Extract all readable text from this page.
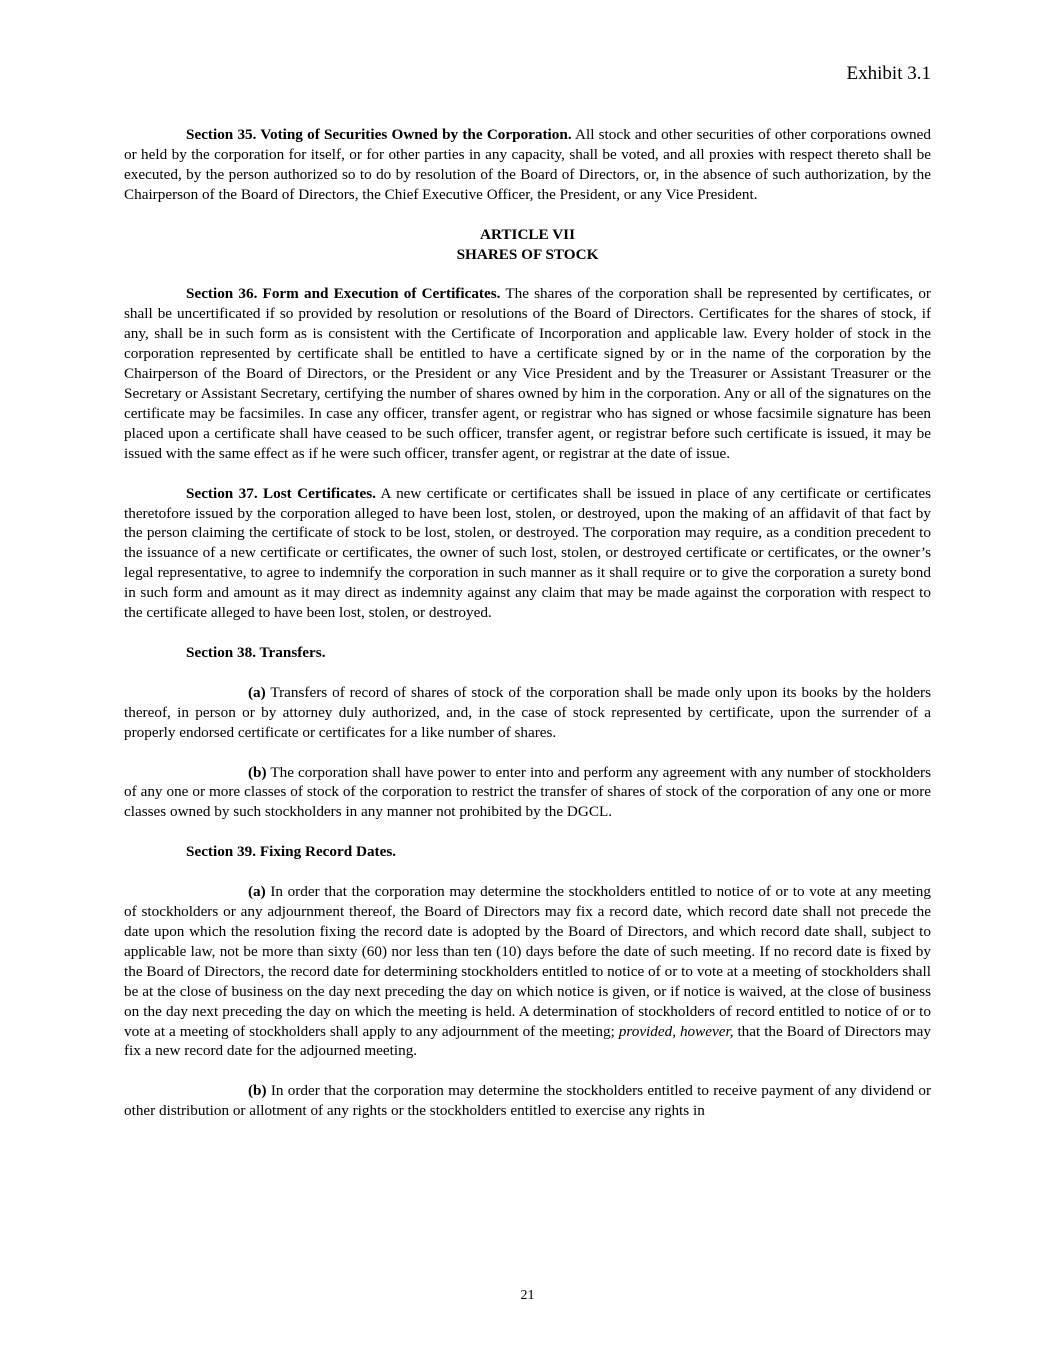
Exhibit 3.1

Section 35. Voting of Securities Owned by the Corporation. All stock and other securities of other corporations owned or held by the corporation for itself, or for other parties in any capacity, shall be voted, and all proxies with respect thereto shall be executed, by the person authorized so to do by resolution of the Board of Directors, or, in the absence of such authorization, by the Chairperson of the Board of Directors, the Chief Executive Officer, the President, or any Vice President.

ARTICLE VII
SHARES OF STOCK

Section 36. Form and Execution of Certificates. The shares of the corporation shall be represented by certificates, or shall be uncertificated if so provided by resolution or resolutions of the Board of Directors. Certificates for the shares of stock, if any, shall be in such form as is consistent with the Certificate of Incorporation and applicable law. Every holder of stock in the corporation represented by certificate shall be entitled to have a certificate signed by or in the name of the corporation by the Chairperson of the Board of Directors, or the President or any Vice President and by the Treasurer or Assistant Treasurer or the Secretary or Assistant Secretary, certifying the number of shares owned by him in the corporation. Any or all of the signatures on the certificate may be facsimiles. In case any officer, transfer agent, or registrar who has signed or whose facsimile signature has been placed upon a certificate shall have ceased to be such officer, transfer agent, or registrar before such certificate is issued, it may be issued with the same effect as if he were such officer, transfer agent, or registrar at the date of issue.

Section 37. Lost Certificates. A new certificate or certificates shall be issued in place of any certificate or certificates theretofore issued by the corporation alleged to have been lost, stolen, or destroyed, upon the making of an affidavit of that fact by the person claiming the certificate of stock to be lost, stolen, or destroyed. The corporation may require, as a condition precedent to the issuance of a new certificate or certificates, the owner of such lost, stolen, or destroyed certificate or certificates, or the owner’s legal representative, to agree to indemnify the corporation in such manner as it shall require or to give the corporation a surety bond in such form and amount as it may direct as indemnity against any claim that may be made against the corporation with respect to the certificate alleged to have been lost, stolen, or destroyed.

Section 38. Transfers.

(a) Transfers of record of shares of stock of the corporation shall be made only upon its books by the holders thereof, in person or by attorney duly authorized, and, in the case of stock represented by certificate, upon the surrender of a properly endorsed certificate or certificates for a like number of shares.

(b) The corporation shall have power to enter into and perform any agreement with any number of stockholders of any one or more classes of stock of the corporation to restrict the transfer of shares of stock of the corporation of any one or more classes owned by such stockholders in any manner not prohibited by the DGCL.

Section 39. Fixing Record Dates.

(a) In order that the corporation may determine the stockholders entitled to notice of or to vote at any meeting of stockholders or any adjournment thereof, the Board of Directors may fix a record date, which record date shall not precede the date upon which the resolution fixing the record date is adopted by the Board of Directors, and which record date shall, subject to applicable law, not be more than sixty (60) nor less than ten (10) days before the date of such meeting. If no record date is fixed by the Board of Directors, the record date for determining stockholders entitled to notice of or to vote at a meeting of stockholders shall be at the close of business on the day next preceding the day on which notice is given, or if notice is waived, at the close of business on the day next preceding the day on which the meeting is held. A determination of stockholders of record entitled to notice of or to vote at a meeting of stockholders shall apply to any adjournment of the meeting; provided, however, that the Board of Directors may fix a new record date for the adjourned meeting.

(b) In order that the corporation may determine the stockholders entitled to receive payment of any dividend or other distribution or allotment of any rights or the stockholders entitled to exercise any rights in

21
